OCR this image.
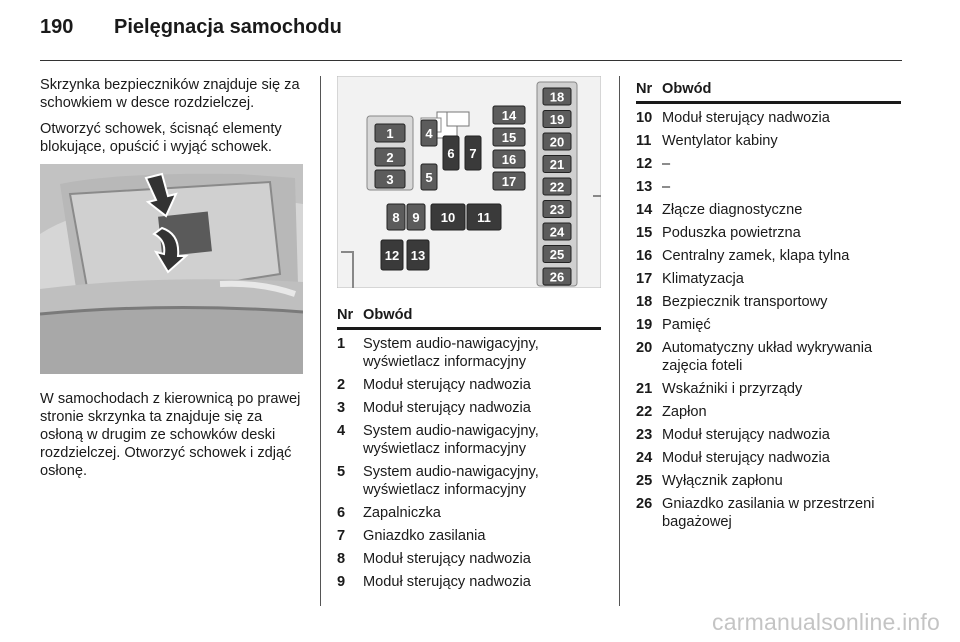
190 Pielęgnacja samochodu

Skrzynka bezpieczników znajduje się za schowkiem w desce rozdzielczej.

Otworzyć schowek, ścisnąć elementy blokujące, opuścić i wyjąć schowek.

W samochodach z kierownicą po prawej stronie skrzynka ta znajduje się za osłoną w drugim ze schowków deski rozdzielczej. Otworzyć schowek i zdjąć osłonę.

1
2
3
4
5
6 7
8 9 10 11
12 13
14
15
16
17
18
19
20
21
22
23
24
25
26
Nr Obwód
1	System audio-nawigacyjny, wyświetlacz informacyjny
2	Moduł sterujący nadwozia
3	Moduł sterujący nadwozia
4	System audio-nawigacyjny, wyświetlacz informacyjny
5	System audio-nawigacyjny, wyświetlacz informacyjny
6	Zapalniczka
7	Gniazdko zasilania
8	Moduł sterujący nadwozia
9	Moduł sterujący nadwozia
Nr Obwód
10 Moduł sterujący nadwozia
11 Wentylator kabiny
12 –
13 –
14 Złącze diagnostyczne
15 Poduszka powietrzna
16 Centralny zamek, klapa tylna
17 Klimatyzacja
18 Bezpiecznik transportowy
19 Pamięć
20 Automatyczny układ wykrywania zajęcia foteli
21 Wskaźniki i przyrządy
22 Zapłon
23 Moduł sterujący nadwozia
24 Moduł sterujący nadwozia
25 Wyłącznik zapłonu
26 Gniazdko zasilania w przestrzeni bagażowej
carmanualsonline.info
